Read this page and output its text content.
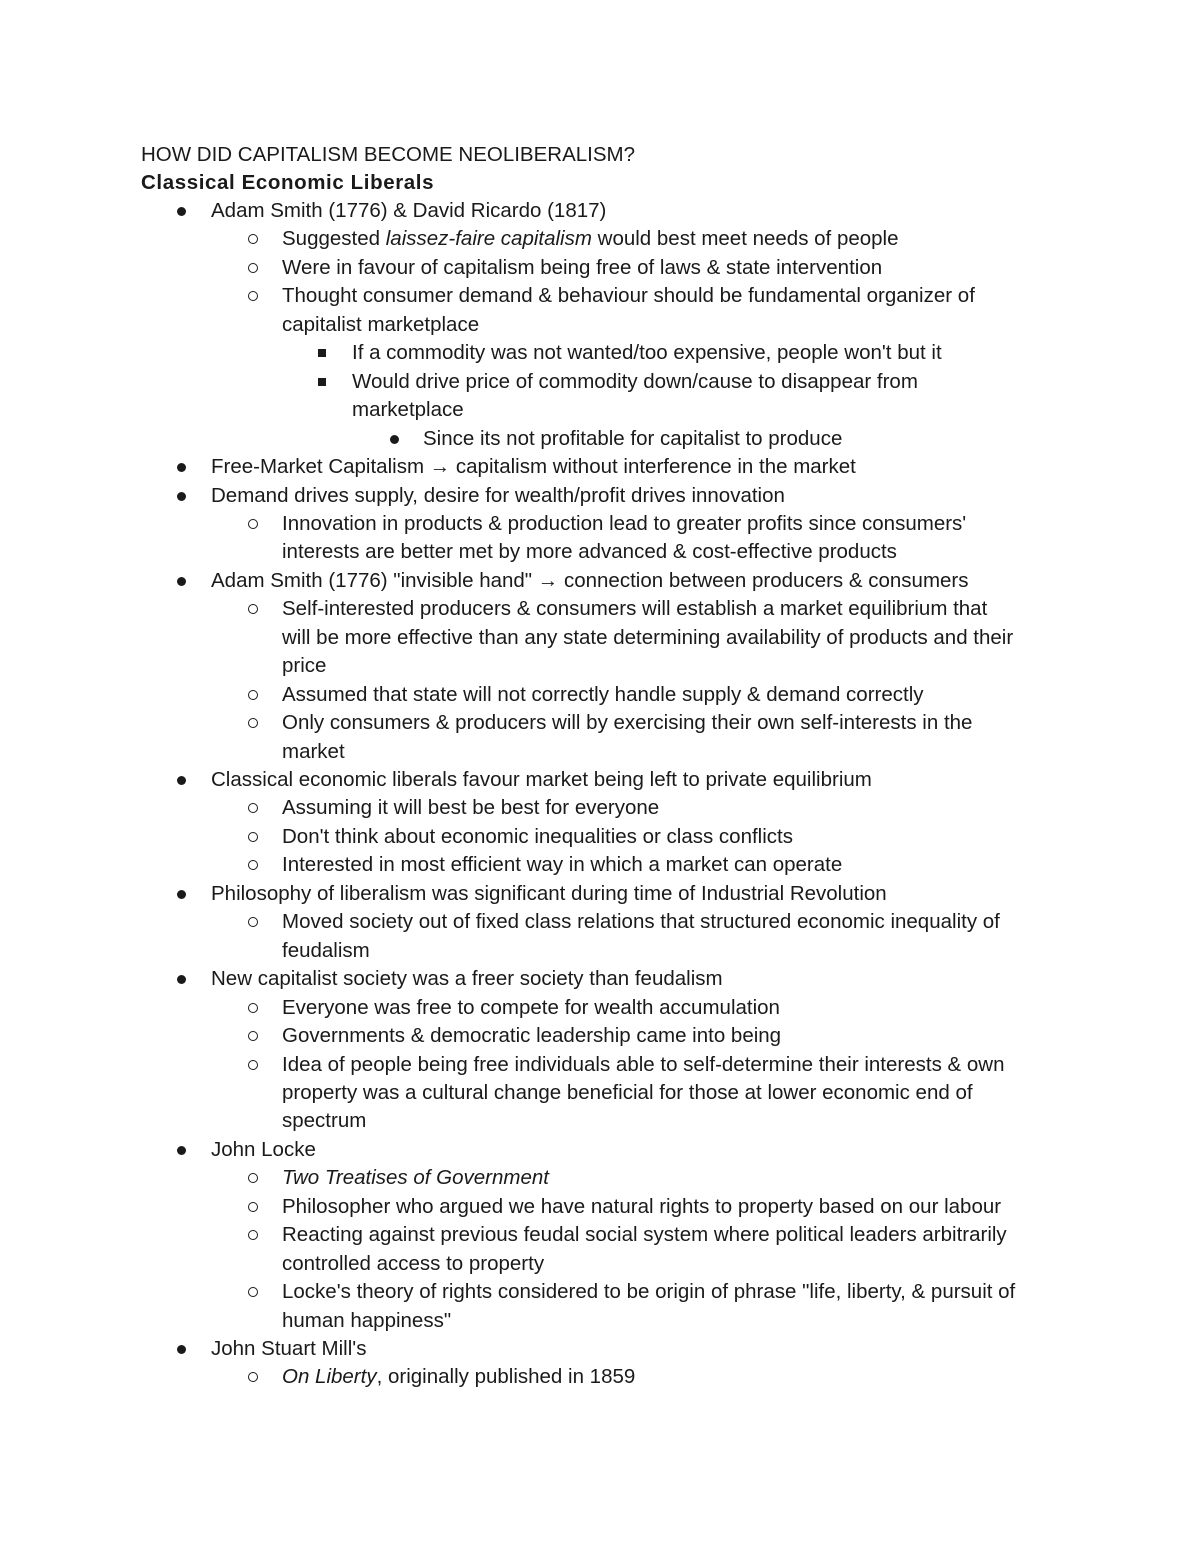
HOW DID CAPITALISM BECOME NEOLIBERALISM?
Classical Economic Liberals
Adam Smith (1776) & David Ricardo (1817)
Suggested laissez-faire capitalism would best meet needs of people
Were in favour of capitalism being free of laws & state intervention
Thought consumer demand & behaviour should be fundamental organizer of
capitalist marketplace
If a commodity was not wanted/too expensive, people won't but it
Would drive price of commodity down/cause to disappear from
marketplace
Since its not profitable for capitalist to produce
Free-Market Capitalism → capitalism without interference in the market
Demand drives supply, desire for wealth/profit drives innovation
Innovation in products & production lead to greater profits since consumers'
interests are better met by more advanced & cost-effective products
Adam Smith (1776) "invisible hand" → connection between producers & consumers
Self-interested producers & consumers will establish a market equilibrium that
will be more effective than any state determining availability of products and their
price
Assumed that state will not correctly handle supply & demand correctly
Only consumers & producers will by exercising their own self-interests in the
market
Classical economic liberals favour market being left to private equilibrium
Assuming it will best be best for everyone
Don't think about economic inequalities or class conflicts
Interested in most efficient way in which a market can operate
Philosophy of liberalism was significant during time of Industrial Revolution
Moved society out of fixed class relations that structured economic inequality of
feudalism
New capitalist society was a freer society than feudalism
Everyone was free to compete for wealth accumulation
Governments & democratic leadership came into being
Idea of people being free individuals able to self-determine their interests & own
property was a cultural change beneficial for those at lower economic end of
spectrum
John Locke
Two Treatises of Government
Philosopher who argued we have natural rights to property based on our labour
Reacting against previous feudal social system where political leaders arbitrarily
controlled access to property
Locke's theory of rights considered to be origin of phrase "life, liberty, & pursuit of
human happiness"
John Stuart Mill's
On Liberty, originally published in 1859
